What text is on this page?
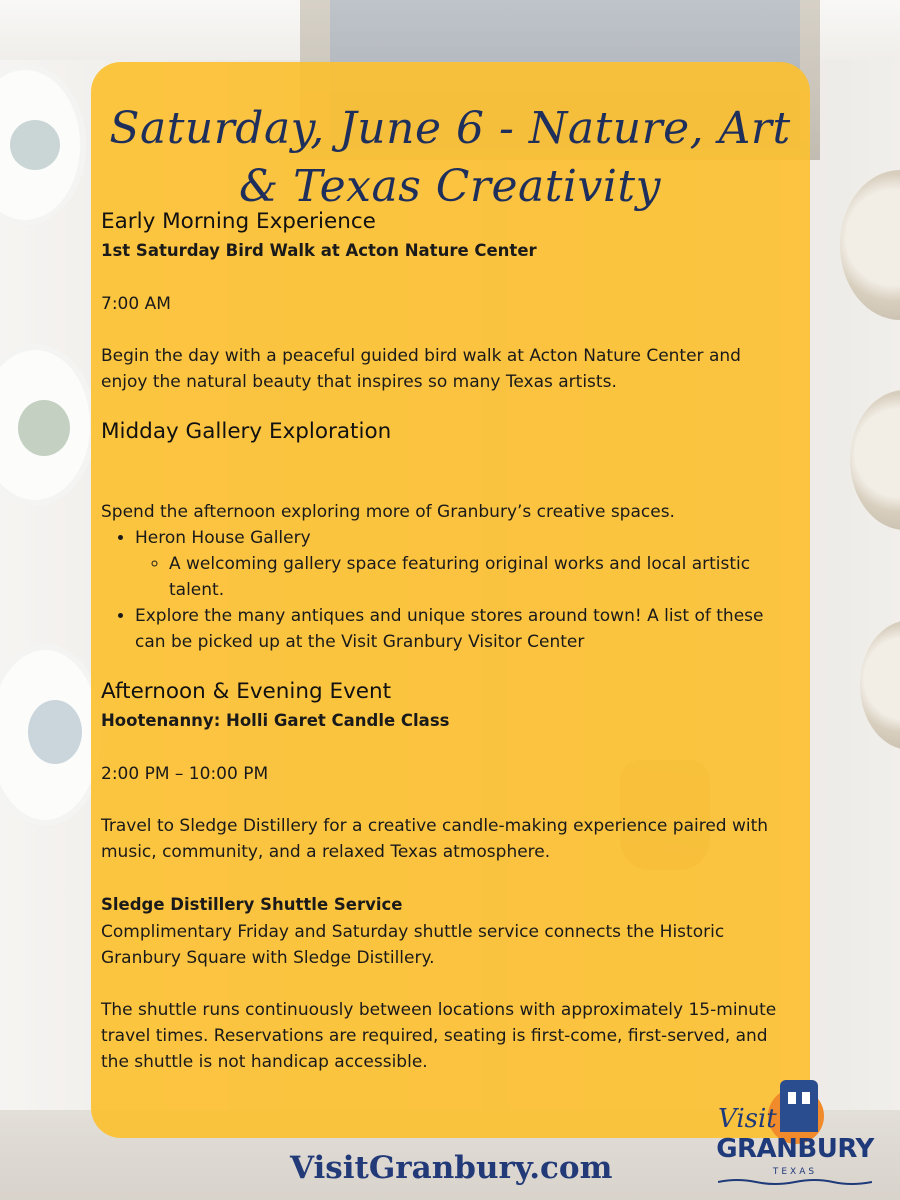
Saturday, June 6 - Nature, Art & Texas Creativity
Early Morning Experience

1st Saturday Bird Walk at Acton Nature Center

7:00 AM

Begin the day with a peaceful guided bird walk at Acton Nature Center and enjoy the natural beauty that inspires so many Texas artists.

Midday Gallery Exploration

Spend the afternoon exploring more of Granbury’s creative spaces.

• Heron House Gallery
◦ A welcoming gallery space featuring original works and local artistic talent.
• Explore the many antiques and unique stores around town! A list of these can be picked up at the Visit Granbury Visitor Center
Afternoon & Evening Event

Hootenanny: Holli Garet Candle Class

2:00 PM – 10:00 PM

Travel to Sledge Distillery for a creative candle-making experience paired with music, community, and a relaxed Texas atmosphere.

Sledge Distillery Shuttle Service

Complimentary Friday and Saturday shuttle service connects the Historic Granbury Square with Sledge Distillery.

The shuttle runs continuously between locations with approximately 15-minute travel times. Reservations are required, seating is first-come, first-served, and the shuttle is not handicap accessible.

VisitGranbury.com
Visit
GRANBURY
TEXAS
